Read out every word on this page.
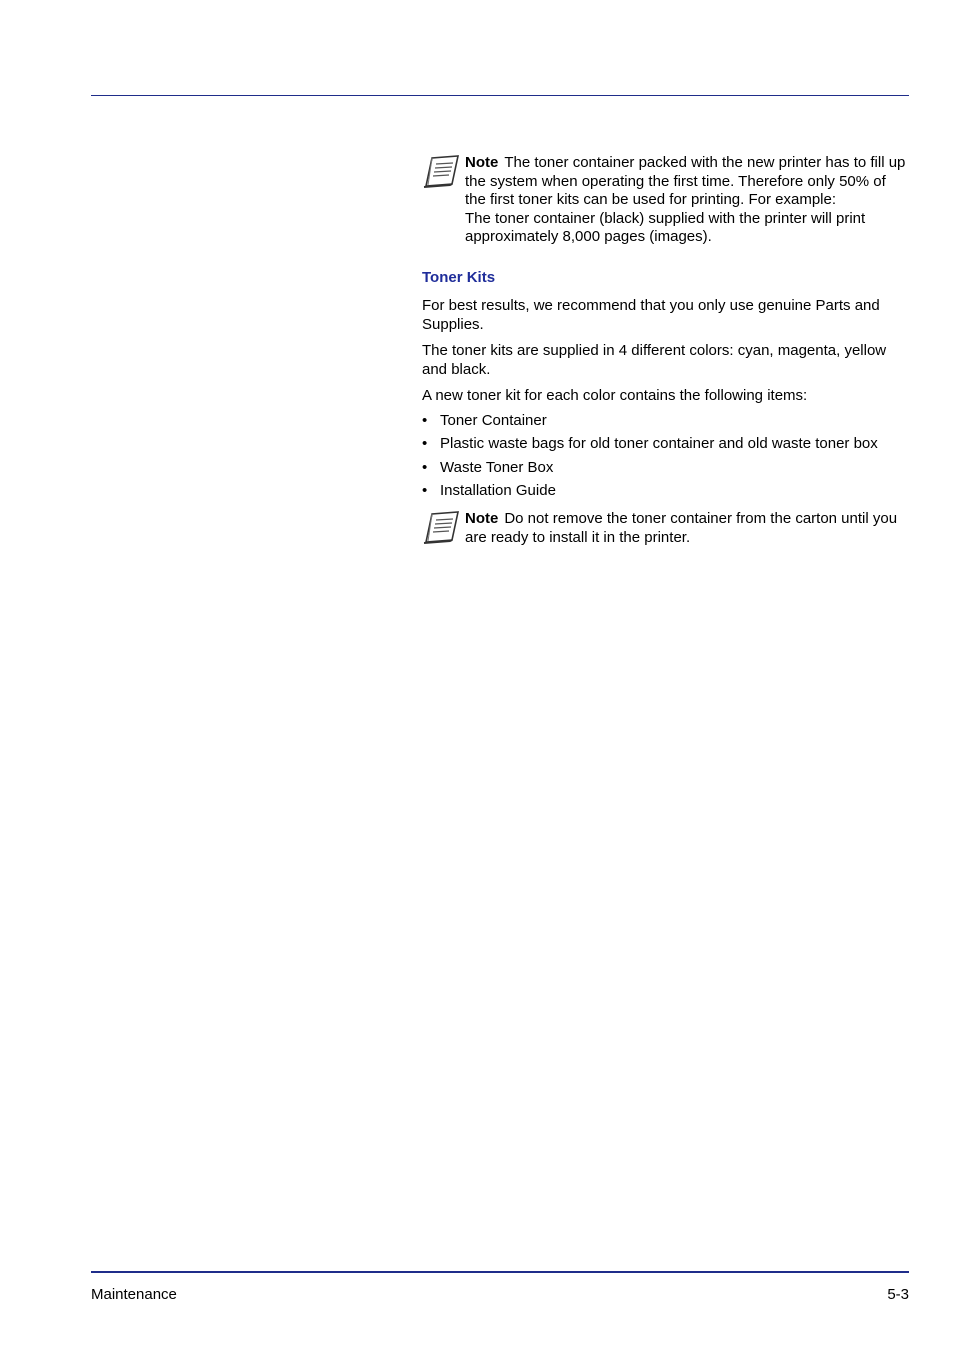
Note The toner container packed with the new printer has to fill up the system when operating the first time. Therefore only 50% of the first toner kits can be used for printing. For example:
The toner container (black) supplied with the printer will print approximately 8,000 pages (images).
Toner Kits
For best results, we recommend that you only use genuine Parts and Supplies.
The toner kits are supplied in 4 different colors: cyan, magenta, yellow and black.
A new toner kit for each color contains the following items:
• Toner Container
• Plastic waste bags for old toner container and old waste toner box
• Waste Toner Box
• Installation Guide
Note Do not remove the toner container from the carton until you are ready to install it in the printer.
Maintenance	5-3
